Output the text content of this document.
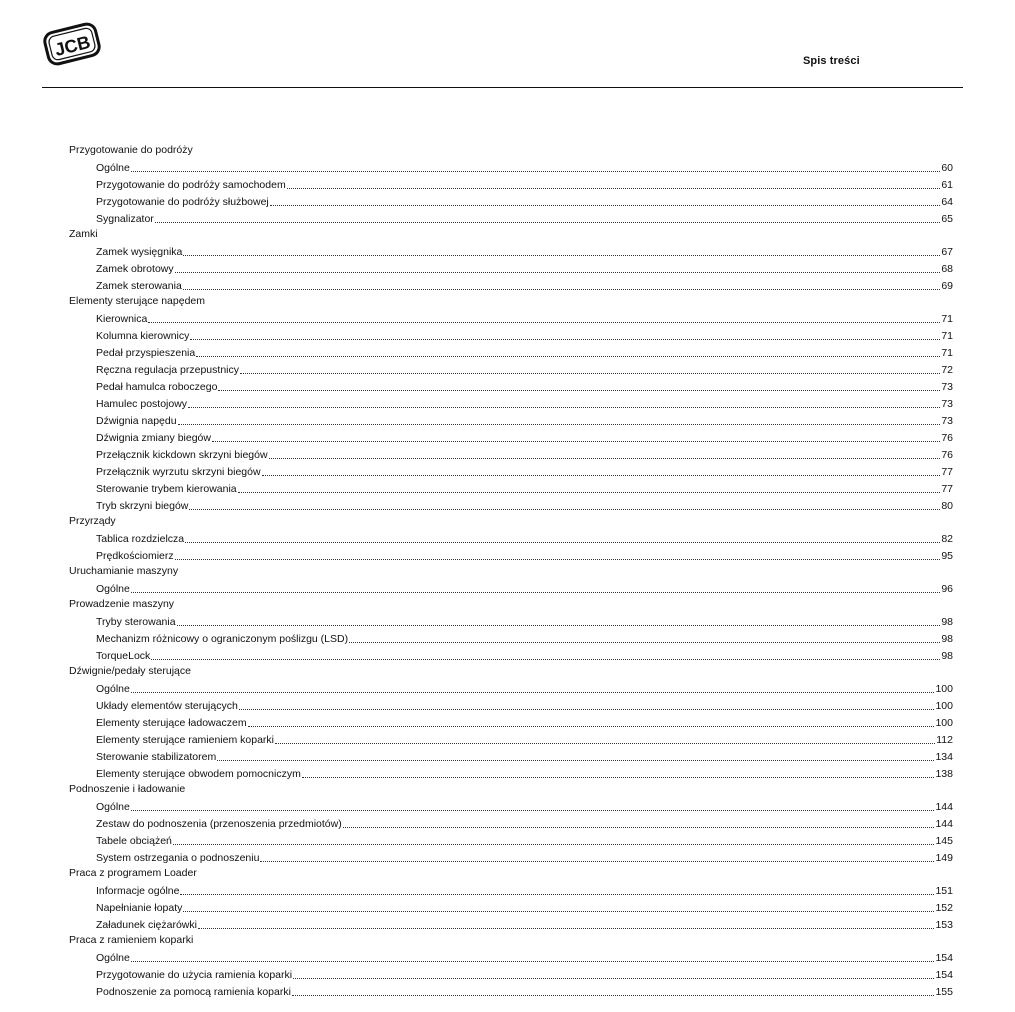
JCB
Spis treści
Przygotowanie do podróży
Ogólne	60
Przygotowanie do podróży samochodem	61
Przygotowanie do podróży służbowej	64
Sygnalizator	65
Zamki
Zamek wysięgnika	67
Zamek obrotowy	68
Zamek sterowania	69
Elementy sterujące napędem
Kierownica	71
Kolumna kierownicy	71
Pedał przyspieszenia	71
Ręczna regulacja przepustnicy	72
Pedał hamulca roboczego	73
Hamulec postojowy	73
Dźwignia napędu	73
Dźwignia zmiany biegów	76
Przełącznik kickdown skrzyni biegów	76
Przełącznik wyrzutu skrzyni biegów	77
Sterowanie trybem kierowania	77
Tryb skrzyni biegów	80
Przyrządy
Tablica rozdzielcza	82
Prędkościomierz	95
Uruchamianie maszyny
Ogólne	96
Prowadzenie maszyny
Tryby sterowania	98
Mechanizm różnicowy o ograniczonym poślizgu (LSD)	98
TorqueLock	98
Dźwignie/pedały sterujące
Ogólne	100
Układy elementów sterujących	100
Elementy sterujące ładowaczem	100
Elementy sterujące ramieniem koparki	112
Sterowanie stabilizatorem	134
Elementy sterujące obwodem pomocniczym	138
Podnoszenie i ładowanie
Ogólne	144
Zestaw do podnoszenia (przenoszenia przedmiotów)	144
Tabele obciążeń	145
System ostrzegania o podnoszeniu	149
Praca z programem Loader
Informacje ogólne	151
Napełnianie łopaty	152
Załadunek ciężarówki	153
Praca z ramieniem koparki
Ogólne	154
Przygotowanie do użycia ramienia koparki	154
Podnoszenie za pomocą ramienia koparki	155
